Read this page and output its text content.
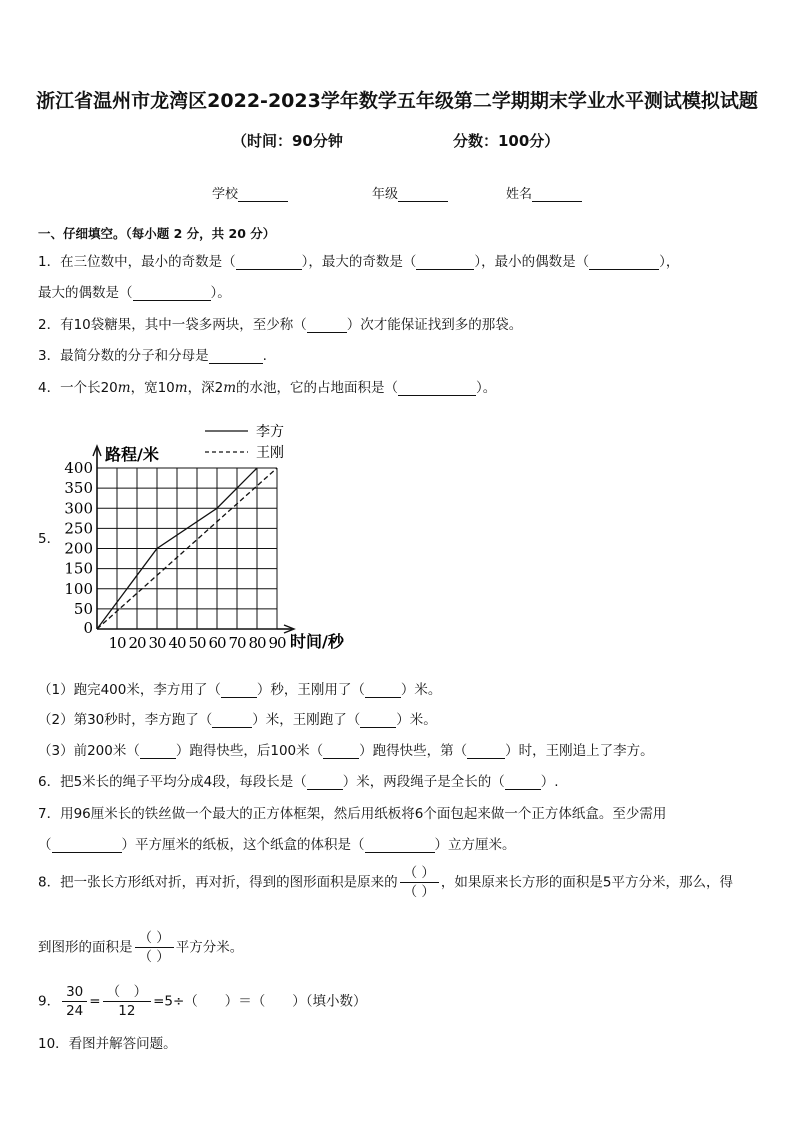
浙江省温州市龙湾区2022-2023学年数学五年级第二学期期末学业水平测试模拟试题
（时间：90分钟	分数：100分）
学校	年级	姓名
一、仔细填空。（每小题 2 分，共 20 分）
1．在三位数中，最小的奇数是（	），最大的奇数是（	），最小的偶数是（	），
最大的偶数是（	）。
2．有10袋糖果，其中一袋多两块，至少称（	）次才能保证找到多的那袋。
3．最简分数的分子和分母是	.
4．一个长20m，宽10m，深2m的水池，它的占地面积是（	）。
5．
50
100
150
200
250
300
350
400
0
10 20 30 40 50 60 70 80 90
路程/米
时间/秒
李方
王刚
（1）跑完400米，李方用了（	）秒，王刚用了（	）米。
（2）第30秒时，李方跑了（	）米，王刚跑了（	）米。
（3）前200米（	）跑得快些，后100米（	）跑得快些，第（	）时，王刚追上了李方。
6．把5米长的绳子平均分成4段，每段长是（	）米，两段绳子是全长的（	）.
7．用96厘米长的铁丝做一个最大的正方体框架，然后用纸板将6个面包起来做一个正方体纸盒。至少需用
（	）平方厘米的纸板，这个纸盒的体积是（	）立方厘米。
8．把一张长方形纸对折，再对折，得到的图形面积是原来的 $\frac{( )}{( )}$ ，如果原来长方形的面积是5平方分米，那么，得
到图形的面积是 $\frac{( )}{( )}$ 平方分米。
9． $\frac{30}{24} = \frac{( )}{12} =5\div$（　　）＝（　　）（填小数）
10．看图并解答问题。
